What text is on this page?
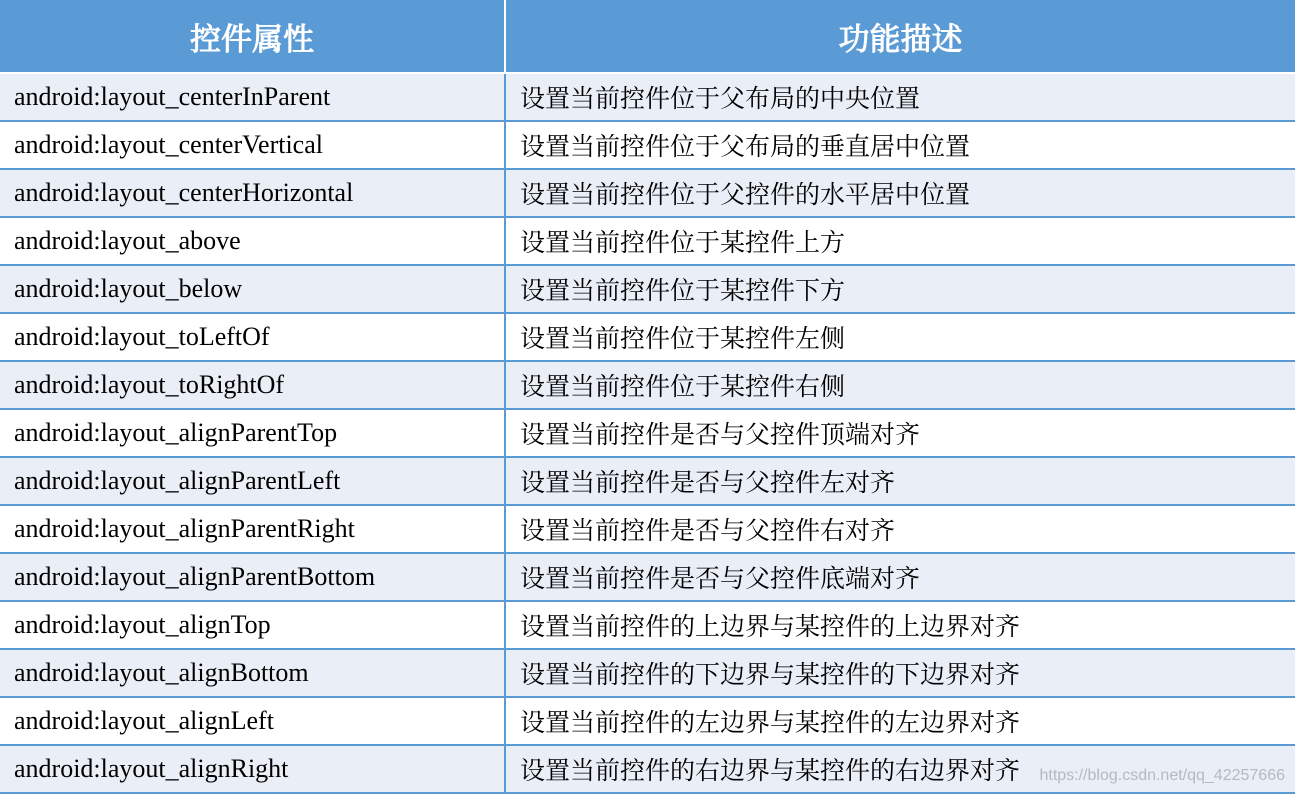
控件属性	功能描述
android:layout_centerInParent	设置当前控件位于父布局的中央位置
android:layout_centerVertical	设置当前控件位于父布局的垂直居中位置
android:layout_centerHorizontal	设置当前控件位于父控件的水平居中位置
android:layout_above	设置当前控件位于某控件上方
android:layout_below	设置当前控件位于某控件下方
android:layout_toLeftOf	设置当前控件位于某控件左侧
android:layout_toRightOf	设置当前控件位于某控件右侧
android:layout_alignParentTop	设置当前控件是否与父控件顶端对齐
android:layout_alignParentLeft	设置当前控件是否与父控件左对齐
android:layout_alignParentRight	设置当前控件是否与父控件右对齐
android:layout_alignParentBottom	设置当前控件是否与父控件底端对齐
android:layout_alignTop	设置当前控件的上边界与某控件的上边界对齐
android:layout_alignBottom	设置当前控件的下边界与某控件的下边界对齐
android:layout_alignLeft	设置当前控件的左边界与某控件的左边界对齐
android:layout_alignRight	设置当前控件的右边界与某控件的右边界对齐 https://blog.csdn.net/qq_42257666
